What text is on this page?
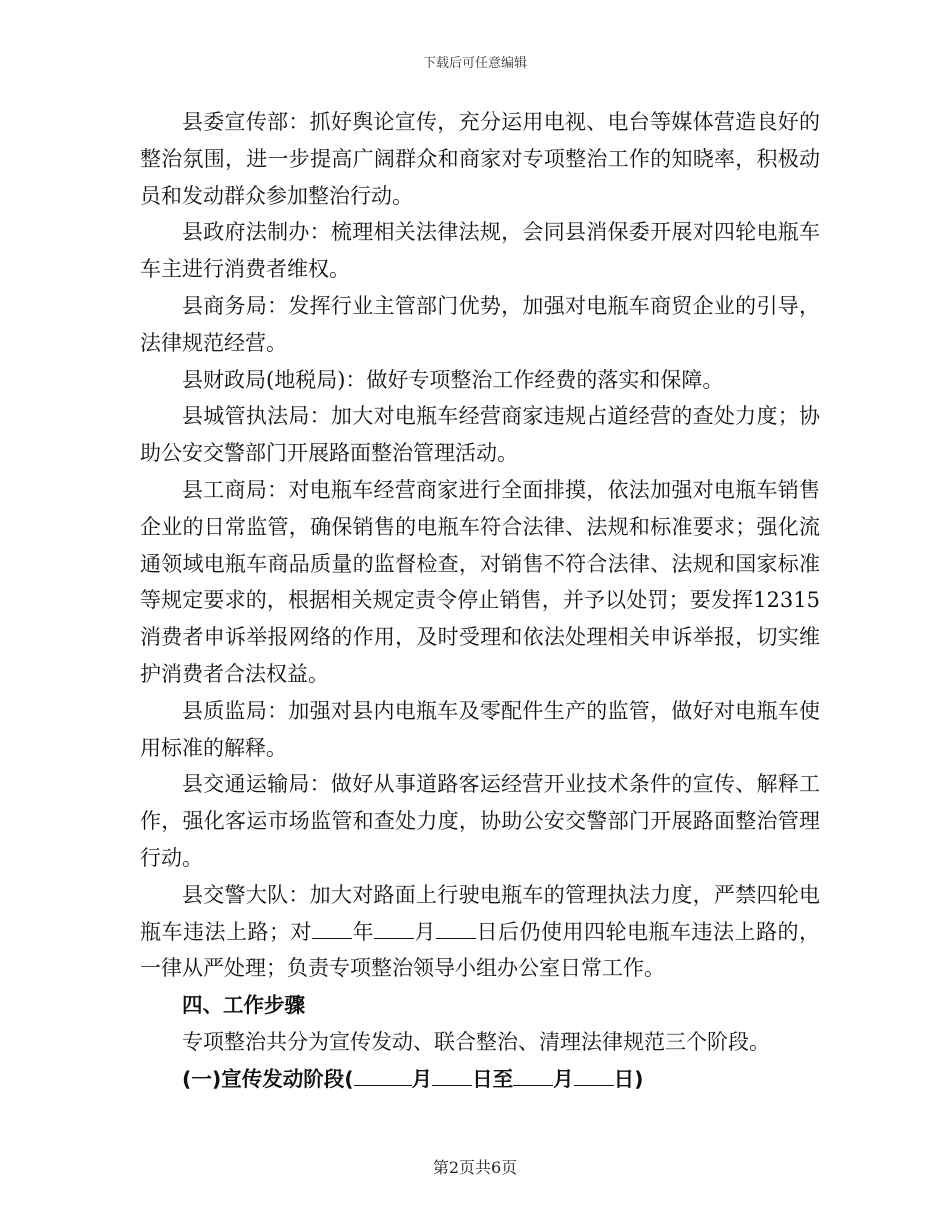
下载后可任意编辑

县委宣传部：抓好舆论宣传，充分运用电视、电台等媒体营造良好的整治氛围，进一步提高广阔群众和商家对专项整治工作的知晓率，积极动员和发动群众参加整治行动。

县政府法制办：梳理相关法律法规，会同县消保委开展对四轮电瓶车车主进行消费者维权。

县商务局：发挥行业主管部门优势，加强对电瓶车商贸企业的引导，法律规范经营。

县财政局(地税局)：做好专项整治工作经费的落实和保障。

县城管执法局：加大对电瓶车经营商家违规占道经营的查处力度；协助公安交警部门开展路面整治管理活动。

县工商局：对电瓶车经营商家进行全面排摸，依法加强对电瓶车销售企业的日常监管，确保销售的电瓶车符合法律、法规和标准要求；强化流通领域电瓶车商品质量的监督检查，对销售不符合法律、法规和国家标准等规定要求的，根据相关规定责令停止销售，并予以处罚；要发挥12315消费者申诉举报网络的作用，及时受理和依法处理相关申诉举报，切实维护消费者合法权益。

县质监局：加强对县内电瓶车及零配件生产的监管，做好对电瓶车使用标准的解释。

县交通运输局：做好从事道路客运经营开业技术条件的宣传、解释工作，强化客运市场监管和查处力度，协助公安交警部门开展路面整治管理行动。

县交警大队：加大对路面上行驶电瓶车的管理执法力度，严禁四轮电瓶车违法上路；对 年 月 日后仍使用四轮电瓶车违法上路的，一律从严处理；负责专项整治领导小组办公室日常工作。

四、工作步骤

专项整治共分为宣传发动、联合整治、清理法律规范三个阶段。

(一)宣传发动阶段(	月 日至 月 日)

第2页共6页
